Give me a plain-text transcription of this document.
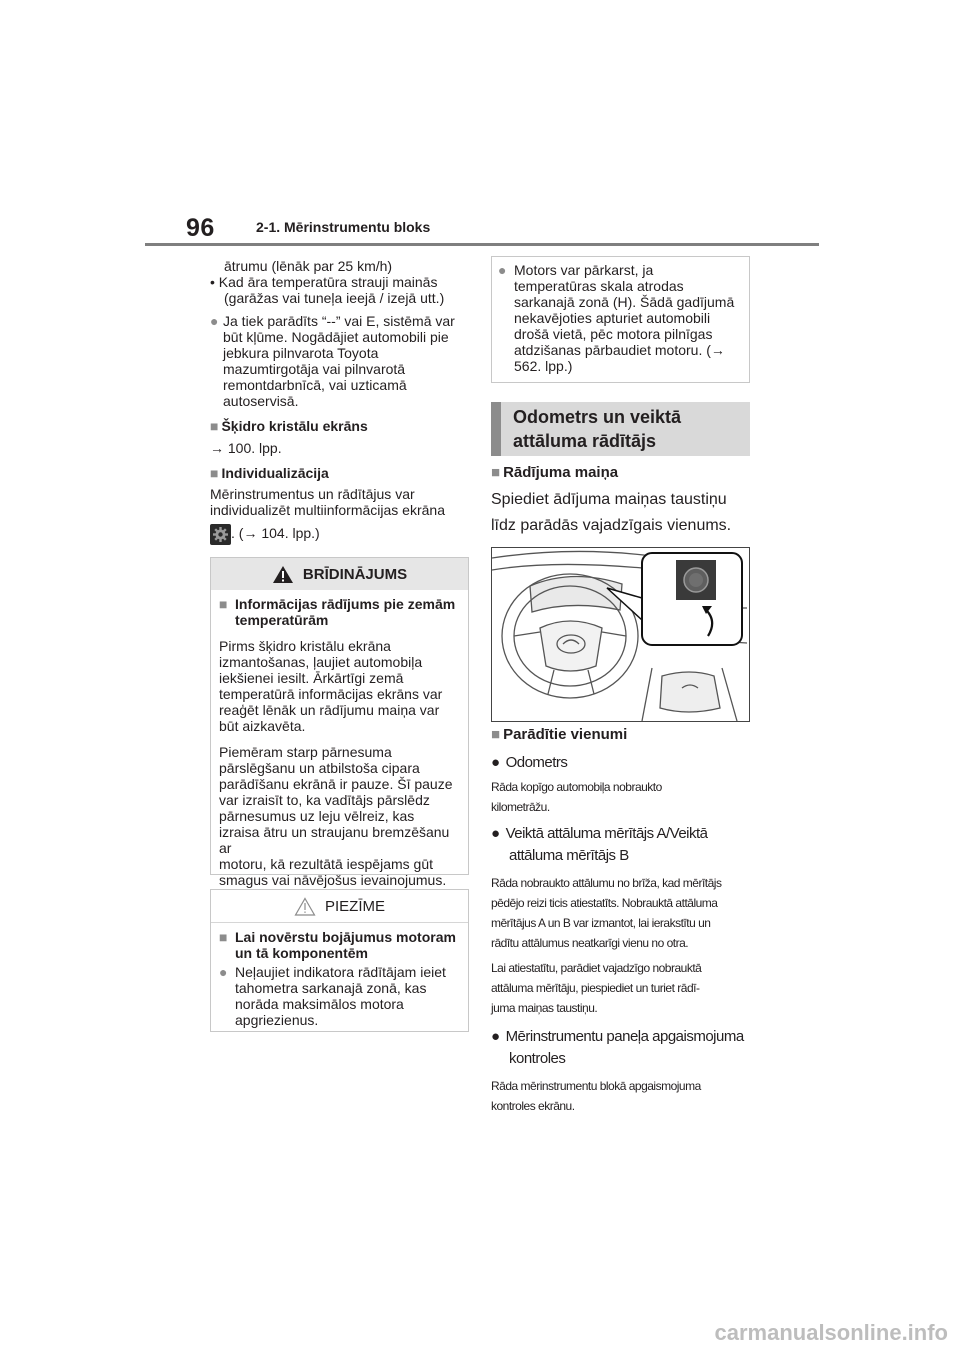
96	2-1. Mērinstrumentu bloks

ātrumu (lēnāk par 25 km/h)

• Kad āra temperatūra strauji mainās

(garāžas vai tuneļa ieejā / izejā utt.)

● Ja tiek parādīts “--” vai E, sistēmā var

būt kļūme. Nogādājiet automobili pie

jebkura pilnvarota Toyota

mazumtirgotāja vai pilnvarotā

remontdarbnīcā, vai uzticamā

autoservisā.

■ Šķidro kristālu ekrāns

→ 100. lpp.

■ Individualizācija

Mērinstrumentus un rādītājus var

individualizēt multiinformācijas ekrāna

. (→ 104. lpp.)

BRĪDINĀJUMS
■ Informācijas rādījums pie zemām

temperatūrām

Pirms šķidro kristālu ekrāna

izmantošanas, ļaujiet automobiļa

iekšienei iesilt. Ārkārtīgi zemā

temperatūrā informācijas ekrāns var

reaģēt lēnāk un rādījumu maiņa var

būt aizkavēta.

Piemēram starp pārnesuma

pārslēgšanu un atbilstoša cipara

parādīšanu ekrānā ir pauze. Šī pauze

var izraisīt to, ka vadītājs pārslēdz

pārnesumus uz leju vēlreiz, kas

izraisa ātru un straujanu bremzēšanu ar

motoru, kā rezultātā iespējams gūt

smagus vai nāvējošus ievainojumus.

PIEZĪME
■ Lai novērstu bojājumus motoram

un tā komponentēm

● Neļaujiet indikatora rādītājam ieiet

tahometra sarkanajā zonā, kas

norāda maksimālos motora

apgriezienus.

● Motors var pārkarst, ja

temperatūras skala atrodas

sarkanajā zonā (H). Šādā gadījumā

nekavējoties apturiet automobili

drošā vietā, pēc motora pilnīgas

atdzišanas pārbaudiet motoru. (→

562. lpp.)

Odometrs un veiktā
attāluma rādītājs
■ Rādījuma maiņa
Spiediet ādījuma maiņas taustiņu
līdz parādās vajadzīgais vienums.
■ Parādītie vienumi
● Odometrs
Rāda kopīgo automobiļa nobraukto
kilometrāžu.
● Veiktā attāluma mērītājs A/Veiktā
attāluma mērītājs B
Rāda nobraukto attālumu no brīža, kad mērītājs
pēdējo reizi ticis atiestatīts. Nobrauktā attāluma
mērītājus A un B var izmantot, lai ierakstītu un
rādītu attālumus neatkarīgi vienu no otra.
Lai atiestatītu, parādiet vajadzīgo nobrauktā
attāluma mērītāju, piespiediet un turiet rādī-
juma maiņas taustiņu.
● Mērinstrumentu paneļa apgaismojuma
kontroles
Rāda mērinstrumentu blokā apgaismojuma
kontroles ekrānu.
carmanualsonline.info
